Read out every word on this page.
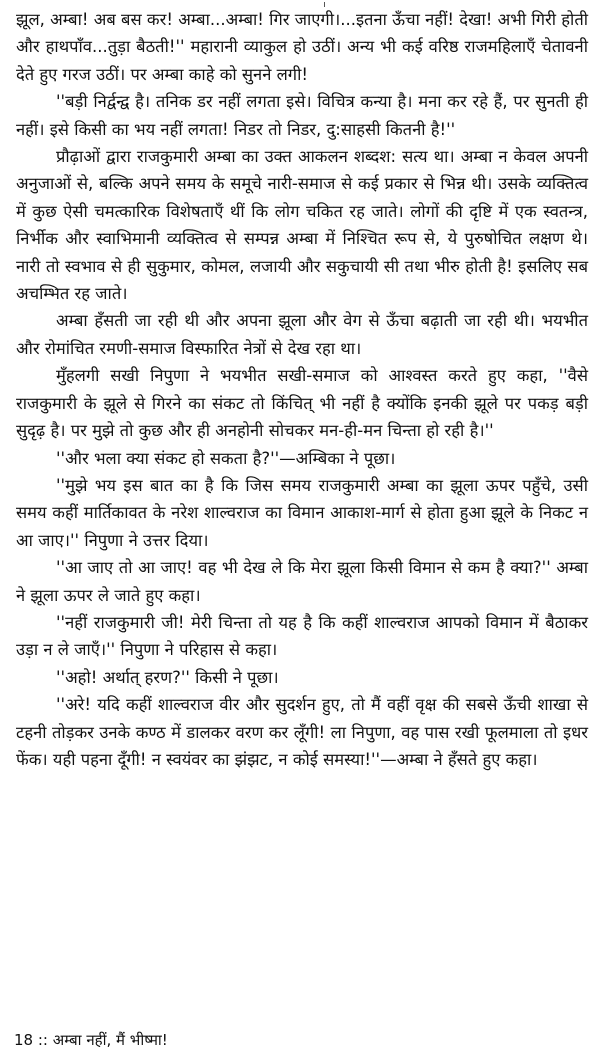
झूल, अम्बा! अब बस कर! अम्बा...अम्बा! गिर जाएगी।...इतना ऊँचा नहीं! देखा! अभी गिरी होती और हाथपाँव...तुड़ा बैठती!'' महारानी व्याकुल हो उठीं। अन्य भी कई वरिष्ठ राजमहिलाएँ चेतावनी देते हुए गरज उठीं। पर अम्बा काहे को सुनने लगी!

''बड़ी निर्द्वन्द्व है। तनिक डर नहीं लगता इसे। विचित्र कन्या है। मना कर रहे हैं, पर सुनती ही नहीं। इसे किसी का भय नहीं लगता! निडर तो निडर, दु:साहसी कितनी है!''

प्रौढ़ाओं द्वारा राजकुमारी अम्बा का उक्त आकलन शब्दश: सत्य था। अम्बा न केवल अपनी अनुजाओं से, बल्कि अपने समय के समूचे नारी-समाज से कई प्रकार से भिन्न थी। उसके व्यक्तित्व में कुछ ऐसी चमत्कारिक विशेषताएँ थीं कि लोग चकित रह जाते। लोगों की दृष्टि में एक स्वतन्त्र, निर्भीक और स्वाभिमानी व्यक्तित्व से सम्पन्न अम्बा में निश्चित रूप से, ये पुरुषोचित लक्षण थे। नारी तो स्वभाव से ही सुकुमार, कोमल, लजायी और सकुचायी सी तथा भीरु होती है! इसलिए सब अचम्भित रह जाते।

अम्बा हँसती जा रही थी और अपना झूला और वेग से ऊँचा बढ़ाती जा रही थी। भयभीत और रोमांचित रमणी-समाज विस्फारित नेत्रों से देख रहा था।

मुँहलगी सखी निपुणा ने भयभीत सखी-समाज को आश्वस्त करते हुए कहा, ''वैसे राजकुमारी के झूले से गिरने का संकट तो किंचित् भी नहीं है क्योंकि इनकी झूले पर पकड़ बड़ी सुदृढ़ है। पर मुझे तो कुछ और ही अनहोनी सोचकर मन-ही-मन चिन्ता हो रही है।''

''और भला क्या संकट हो सकता है?''—अम्बिका ने पूछा।

''मुझे भय इस बात का है कि जिस समय राजकुमारी अम्बा का झूला ऊपर पहुँचे, उसी समय कहीं मार्तिकावत के नरेश शाल्वराज का विमान आकाश-मार्ग से होता हुआ झूले के निकट न आ जाए।'' निपुणा ने उत्तर दिया।

''आ जाए तो आ जाए! वह भी देख ले कि मेरा झूला किसी विमान से कम है क्या?'' अम्बा ने झूला ऊपर ले जाते हुए कहा।

''नहीं राजकुमारी जी! मेरी चिन्ता तो यह है कि कहीं शाल्वराज आपको विमान में बैठाकर उड़ा न ले जाएँ।'' निपुणा ने परिहास से कहा।

''अहो! अर्थात् हरण?'' किसी ने पूछा।

''अरे! यदि कहीं शाल्वराज वीर और सुदर्शन हुए, तो मैं वहीं वृक्ष की सबसे ऊँची शाखा से टहनी तोड़कर उनके कण्ठ में डालकर वरण कर लूँगी! ला निपुणा, वह पास रखी फूलमाला तो इधर फेंक। यही पहना दूँगी! न स्वयंवर का झंझट, न कोई समस्या!''—अम्बा ने हँसते हुए कहा।

18 :: अम्बा नहीं, मैं भीष्मा!
